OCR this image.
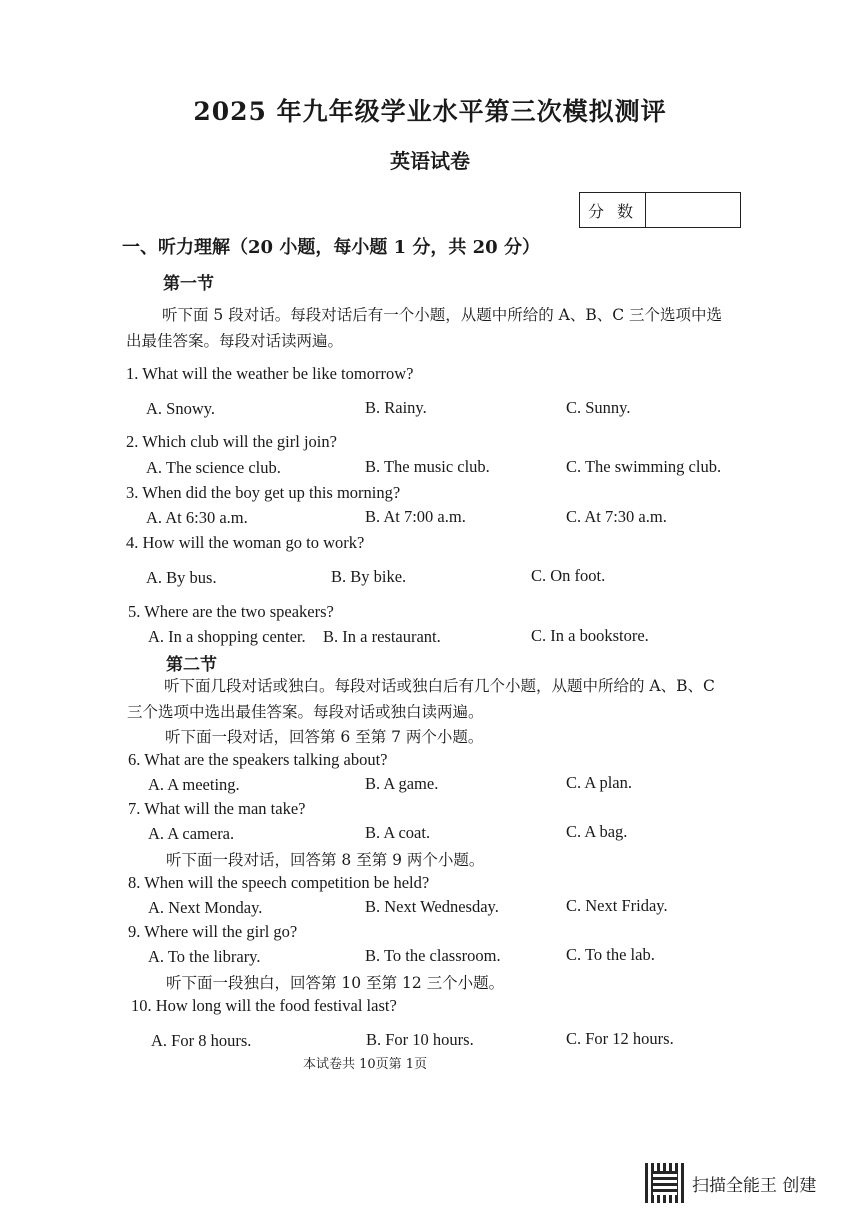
2025 年九年级学业水平第三次模拟测评
英语试卷
分 数
一、听力理解（20 小题，每小题 1 分，共 20 分）
第一节
听下面 5 段对话。每段对话后有一个小题，从题中所给的 A、B、C 三个选项中选
出最佳答案。每段对话读两遍。
1. What will the weather be like tomorrow?
A. Snowy.	B. Rainy.	C. Sunny.
2. Which club will the girl join?
A. The science club.	B. The music club.	C. The swimming club.
3. When did the boy get up this morning?
A. At 6:30 a.m.	B. At 7:00 a.m.	C. At 7:30 a.m.
4. How will the woman go to work?
A. By bus.	B. By bike.	C. On foot.
5. Where are the two speakers?
A. In a shopping center. B. In a restaurant.	C. In a bookstore.
第二节
听下面几段对话或独白。每段对话或独白后有几个小题，从题中所给的 A、B、C
三个选项中选出最佳答案。每段对话或独白读两遍。
听下面一段对话，回答第 6 至第 7 两个小题。
6. What are the speakers talking about?
A. A meeting.	B. A game.	C. A plan.
7. What will the man take?
A. A camera.	B. A coat.	C. A bag.
听下面一段对话，回答第 8 至第 9 两个小题。
8. When will the speech competition be held?
A. Next Monday.	B. Next Wednesday.	C. Next Friday.
9. Where will the girl go?
A. To the library.	B. To the classroom.	C. To the lab.
听下面一段独白，回答第 10 至第 12 三个小题。
10. How long will the food festival last?
A. For 8 hours.	B. For 10 hours.	C. For 12 hours.
本试卷共 10页第 1页
扫描全能王 创建
